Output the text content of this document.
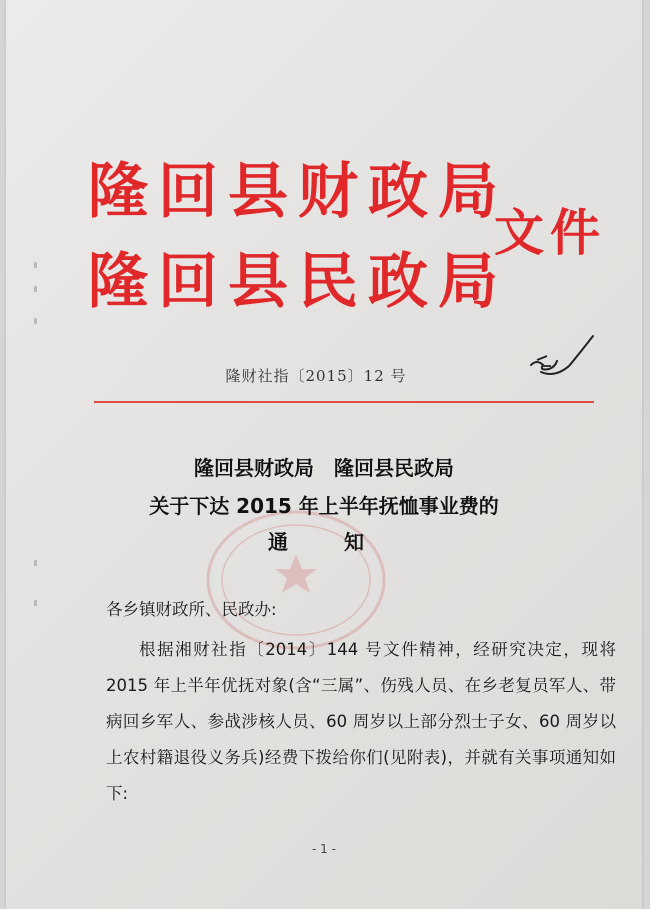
隆回县财政局
隆回县民政局
文件
隆财社指〔2015〕12 号
隆回县财政局　隆回县民政局
关于下达 2015 年上半年抚恤事业费的
通知
各乡镇财政所、民政办:

根据湘财社指〔2014〕144 号文件精神，经研究决定，现将 2015 年上半年优抚对象(含“三属”、伤残人员、在乡老复员军人、带病回乡军人、参战涉核人员、60 周岁以上部分烈士子女、60 周岁以上农村籍退役义务兵)经费下拨给你们(见附表)，并就有关事项通知如下:

- 1 -
